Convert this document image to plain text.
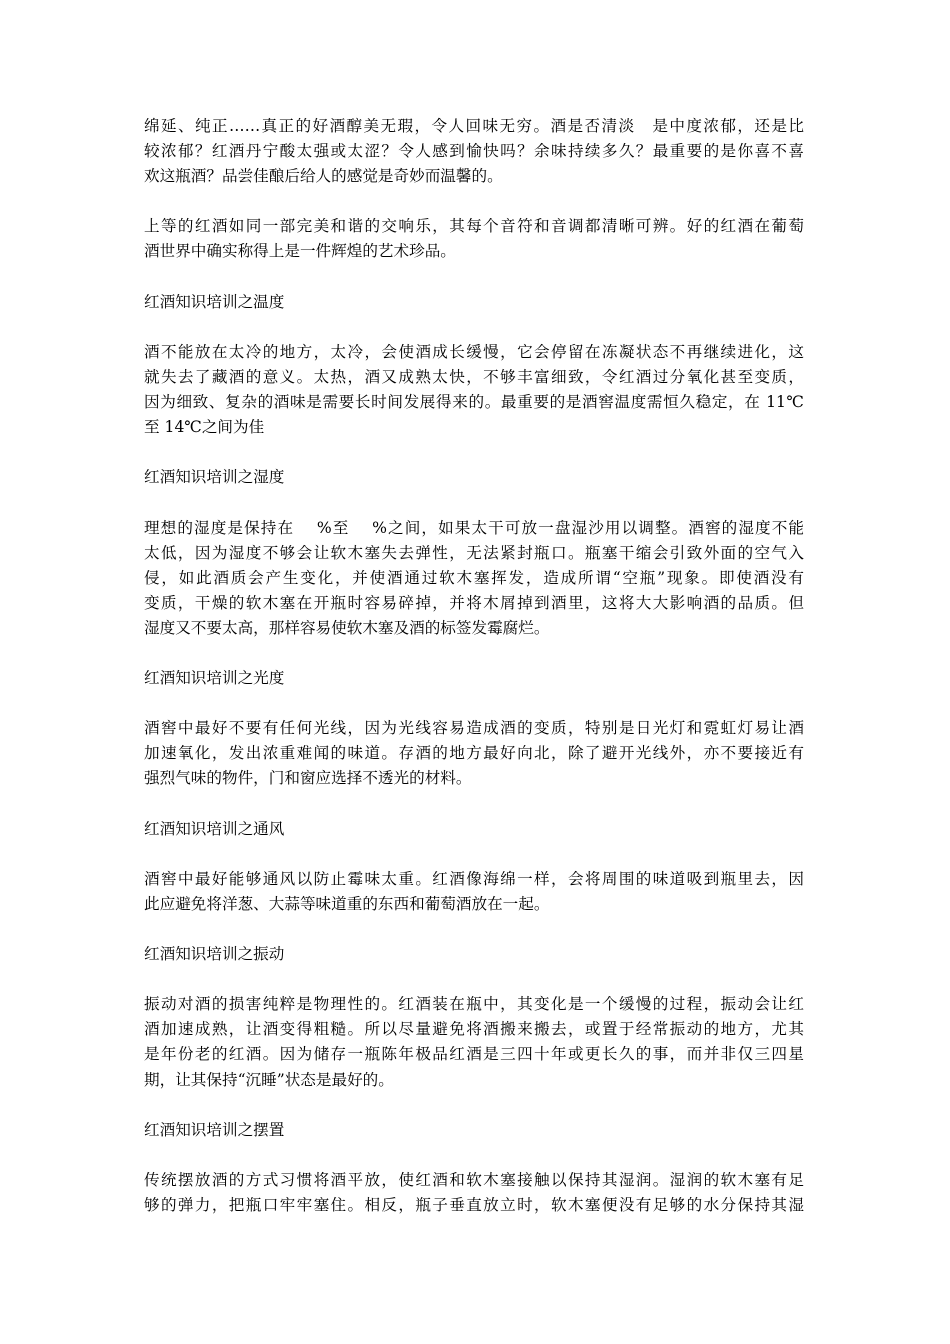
绵延、纯正……真正的好酒醇美无瑕，令人回味无穷。酒是否清淡　是中度浓郁，还是比
较浓郁？红酒丹宁酸太强或太涩？令人感到愉快吗？余味持续多久？最重要的是你喜不喜
欢这瓶酒？品尝佳酿后给人的感觉是奇妙而温馨的。
上等的红酒如同一部完美和谐的交响乐，其每个音符和音调都清晰可辨。好的红酒在葡萄
酒世界中确实称得上是一件辉煌的艺术珍品。
红酒知识培训之温度
酒不能放在太冷的地方，太冷，会使酒成长缓慢，它会停留在冻凝状态不再继续进化，这
就失去了藏酒的意义。太热，酒又成熟太快，不够丰富细致，令红酒过分氧化甚至变质，
因为细致、复杂的酒味是需要长时间发展得来的。最重要的是酒窖温度需恒久稳定，在 11℃
至 14℃之间为佳
红酒知识培训之湿度
理想的湿度是保持在　 %至　 %之间，如果太干可放一盘湿沙用以调整。酒窖的湿度不能
太低，因为湿度不够会让软木塞失去弹性，无法紧封瓶口。瓶塞干缩会引致外面的空气入
侵，如此酒质会产生变化，并使酒通过软木塞挥发，造成所谓“空瓶”现象。即使酒没有
变质，干燥的软木塞在开瓶时容易碎掉，并将木屑掉到酒里，这将大大影响酒的品质。但
湿度又不要太高，那样容易使软木塞及酒的标签发霉腐烂。
红酒知识培训之光度
酒窖中最好不要有任何光线，因为光线容易造成酒的变质，特别是日光灯和霓虹灯易让酒
加速氧化，发出浓重难闻的味道。存酒的地方最好向北，除了避开光线外，亦不要接近有
强烈气味的物件，门和窗应选择不透光的材料。
红酒知识培训之通风
酒窖中最好能够通风以防止霉味太重。红酒像海绵一样，会将周围的味道吸到瓶里去，因
此应避免将洋葱、大蒜等味道重的东西和葡萄酒放在一起。
红酒知识培训之振动
振动对酒的损害纯粹是物理性的。红酒装在瓶中，其变化是一个缓慢的过程，振动会让红
酒加速成熟，让酒变得粗糙。所以尽量避免将酒搬来搬去，或置于经常振动的地方，尤其
是年份老的红酒。因为储存一瓶陈年极品红酒是三四十年或更长久的事，而并非仅三四星
期，让其保持“沉睡”状态是最好的。
红酒知识培训之摆置
传统摆放酒的方式习惯将酒平放，使红酒和软木塞接触以保持其湿润。湿润的软木塞有足
够的弹力，把瓶口牢牢塞住。相反，瓶子垂直放立时，软木塞便没有足够的水分保持其湿
